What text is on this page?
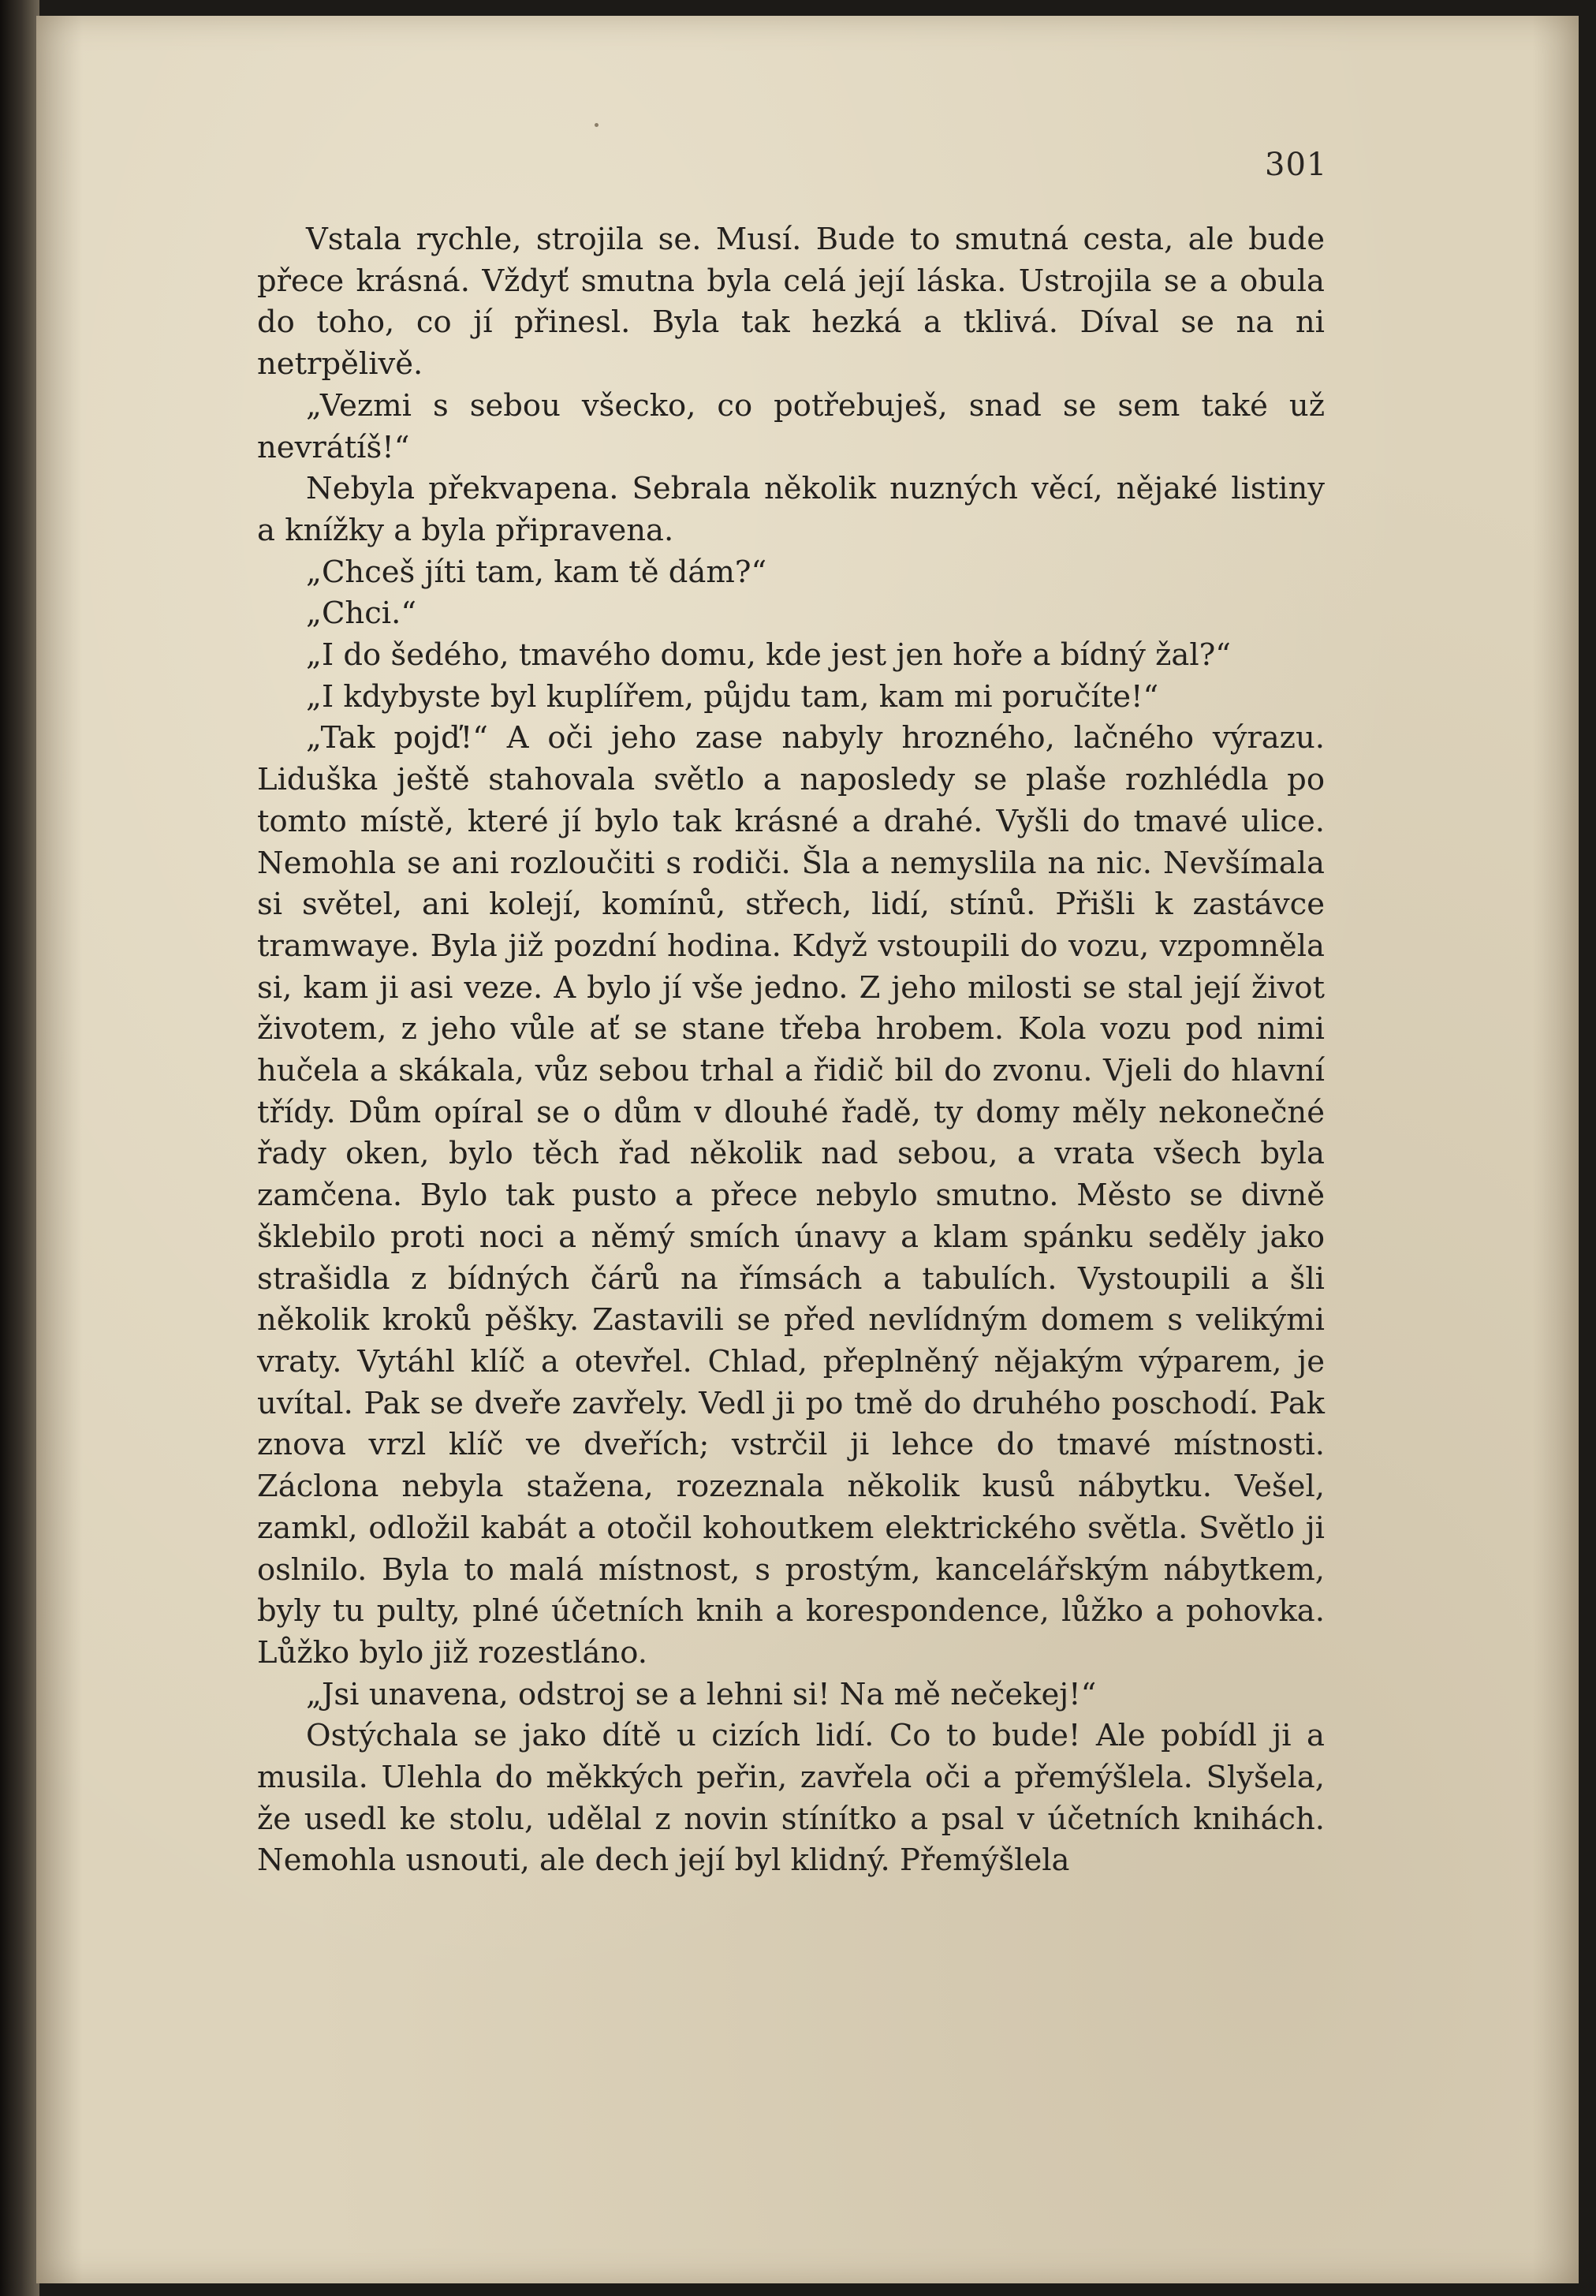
301

Vstala rychle, strojila se. Musí. Bude to smutná cesta, ale bude přece krásná. Vždyť smutna byla celá její láska. Ustrojila se a obula do toho, co jí přinesl. Byla tak hezká a tklivá. Díval se na ni netrpělivě.

„Vezmi s sebou všecko, co potřebuješ, snad se sem také už nevrátíš!“

Nebyla překvapena. Sebrala několik nuzných věcí, nějaké listiny a knížky a byla připravena.

„Chceš jíti tam, kam tě dám?“

„Chci.“

„I do šedého, tmavého domu, kde jest jen hoře a bídný žal?“

„I kdybyste byl kuplířem, půjdu tam, kam mi poručíte!“

„Tak pojď!“ A oči jeho zase nabyly hrozného, lačného výrazu. Liduška ještě stahovala světlo a naposledy se plaše rozhlédla po tomto místě, které jí bylo tak krásné a drahé. Vyšli do tmavé ulice. Nemohla se ani rozloučiti s rodiči. Šla a nemyslila na nic. Nevšímala si světel, ani kolejí, komínů, střech, lidí, stínů. Přišli k zastávce tramwaye. Byla již pozdní hodina. Když vstoupili do vozu, vzpomněla si, kam ji asi veze. A bylo jí vše jedno. Z jeho milosti se stal její život životem, z jeho vůle ať se stane třeba hrobem. Kola vozu pod nimi hučela a skákala, vůz sebou trhal a řidič bil do zvonu. Vjeli do hlavní třídy. Dům opíral se o dům v dlouhé řadě, ty domy měly nekonečné řady oken, bylo těch řad několik nad sebou, a vrata všech byla zamčena. Bylo tak pusto a přece nebylo smutno. Město se divně šklebilo proti noci a němý smích únavy a klam spánku seděly jako strašidla z bídných čárů na římsách a tabulích. Vystoupili a šli několik kroků pěšky. Zastavili se před nevlídným domem s velikými vraty. Vytáhl klíč a otevřel. Chlad, přeplněný nějakým výparem, je uvítal. Pak se dveře zavřely. Vedl ji po tmě do druhého poschodí. Pak znova vrzl klíč ve dveřích; vstrčil ji lehce do tmavé místnosti. Záclona nebyla stažena, rozeznala několik kusů nábytku. Vešel, zamkl, odložil kabát a otočil kohoutkem elektrického světla. Světlo ji oslnilo. Byla to malá místnost, s prostým, kancelářským nábytkem, byly tu pulty, plné účetních knih a korespondence, lůžko a pohovka. Lůžko bylo již rozestláno.

„Jsi unavena, odstroj se a lehni si! Na mě nečekej!“

Ostýchala se jako dítě u cizích lidí. Co to bude! Ale pobídl ji a musila. Ulehla do měkkých peřin, zavřela oči a přemýšlela. Slyšela, že usedl ke stolu, udělal z novin stínítko a psal v účetních knihách. Nemohla usnouti, ale dech její byl klidný. Přemýšlela
